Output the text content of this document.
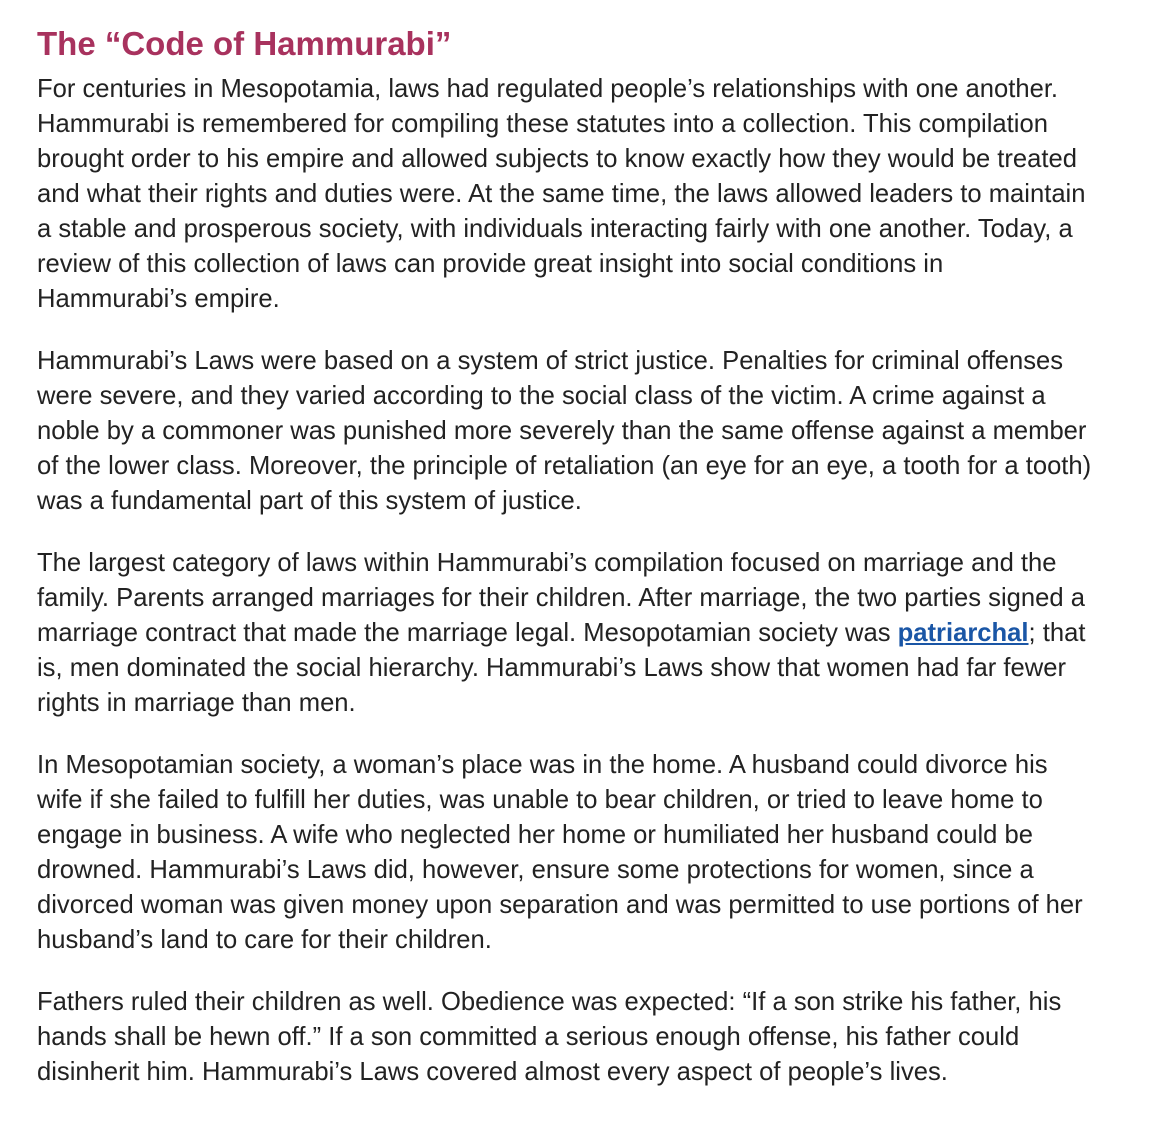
The “Code of Hammurabi”

For centuries in Mesopotamia, laws had regulated people’s relationships with one another. Hammurabi is remembered for compiling these statutes into a collection. This compilation brought order to his empire and allowed subjects to know exactly how they would be treated and what their rights and duties were. At the same time, the laws allowed leaders to maintain a stable and prosperous society, with individuals interacting fairly with one another. Today, a review of this collection of laws can provide great insight into social conditions in Hammurabi’s empire.

Hammurabi’s Laws were based on a system of strict justice. Penalties for criminal offenses were severe, and they varied according to the social class of the victim. A crime against a noble by a commoner was punished more severely than the same offense against a member of the lower class. Moreover, the principle of retaliation (an eye for an eye, a tooth for a tooth) was a fundamental part of this system of justice.

The largest category of laws within Hammurabi’s compilation focused on marriage and the family. Parents arranged marriages for their children. After marriage, the two parties signed a marriage contract that made the marriage legal. Mesopotamian society was patriarchal; that is, men dominated the social hierarchy. Hammurabi’s Laws show that women had far fewer rights in marriage than men.

In Mesopotamian society, a woman’s place was in the home. A husband could divorce his wife if she failed to fulfill her duties, was unable to bear children, or tried to leave home to engage in business. A wife who neglected her home or humiliated her husband could be drowned. Hammurabi’s Laws did, however, ensure some protections for women, since a divorced woman was given money upon separation and was permitted to use portions of her husband’s land to care for their children.

Fathers ruled their children as well. Obedience was expected: “If a son strike his father, his hands shall be hewn off.” If a son committed a serious enough offense, his father could disinherit him. Hammurabi’s Laws covered almost every aspect of people’s lives.
